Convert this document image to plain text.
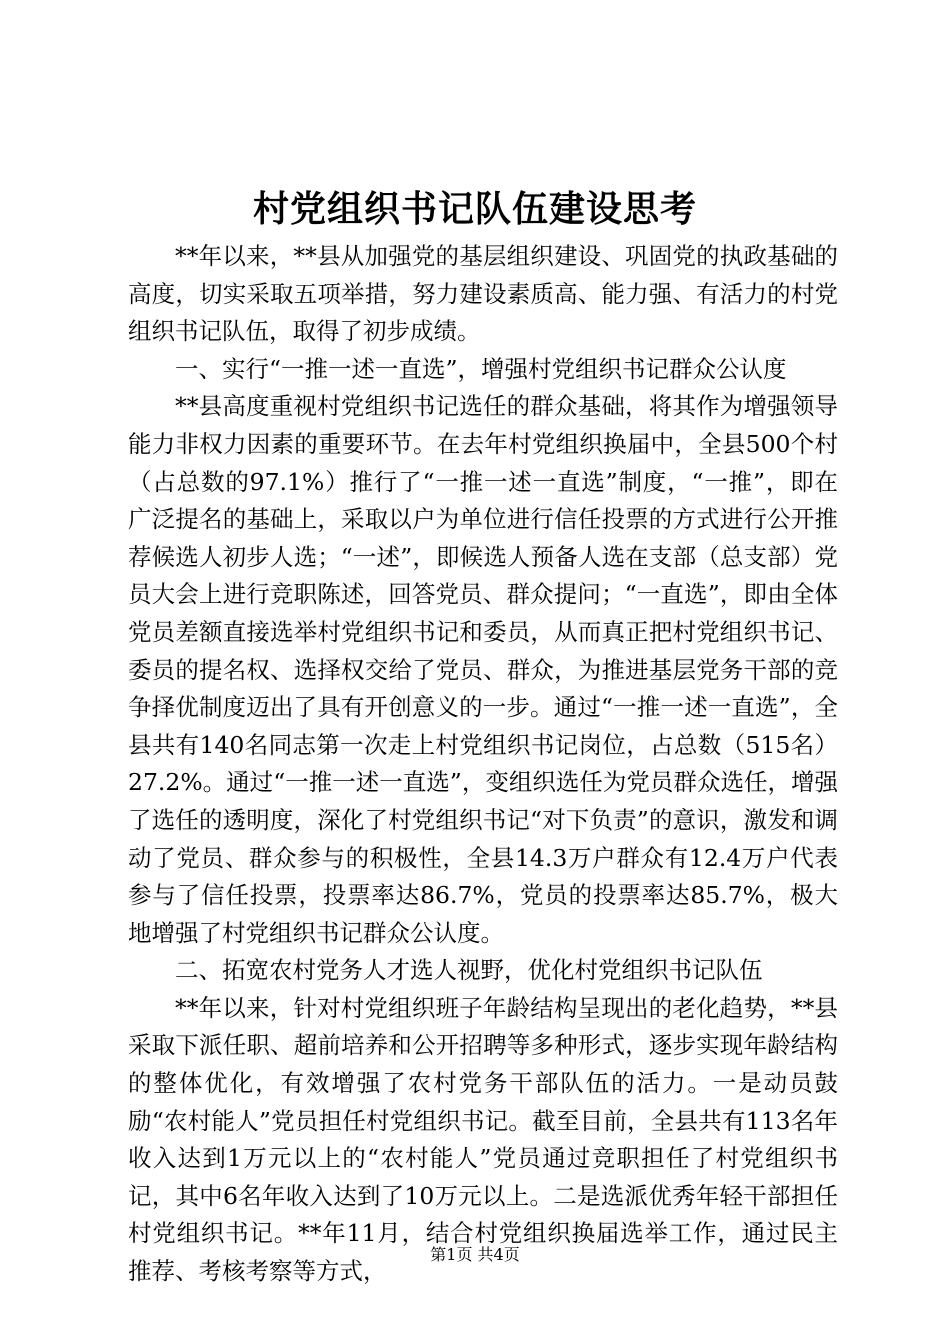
村党组织书记队伍建设思考

**年以来，**县从加强党的基层组织建设、巩固党的执政基础的高度，切实采取五项举措，努力建设素质高、能力强、有活力的村党组织书记队伍，取得了初步成绩。

一、实行“一推一述一直选”，增强村党组织书记群众公认度

**县高度重视村党组织书记选任的群众基础，将其作为增强领导能力非权力因素的重要环节。在去年村党组织换届中，全县500个村（占总数的97.1%）推行了“一推一述一直选”制度，“一推”，即在广泛提名的基础上，采取以户为单位进行信任投票的方式进行公开推荐候选人初步人选；“一述”，即候选人预备人选在支部（总支部）党员大会上进行竞职陈述，回答党员、群众提问；“一直选”，即由全体党员差额直接选举村党组织书记和委员，从而真正把村党组织书记、委员的提名权、选择权交给了党员、群众，为推进基层党务干部的竞争择优制度迈出了具有开创意义的一步。通过“一推一述一直选”，全县共有140名同志第一次走上村党组织书记岗位，占总数（515名）27.2%。通过“一推一述一直选”，变组织选任为党员群众选任，增强了选任的透明度，深化了村党组织书记“对下负责”的意识，激发和调动了党员、群众参与的积极性，全县14.3万户群众有12.4万户代表参与了信任投票，投票率达86.7%，党员的投票率达85.7%，极大地增强了村党组织书记群众公认度。

二、拓宽农村党务人才选人视野，优化村党组织书记队伍

**年以来，针对村党组织班子年龄结构呈现出的老化趋势，**县采取下派任职、超前培养和公开招聘等多种形式，逐步实现年龄结构的整体优化，有效增强了农村党务干部队伍的活力。一是动员鼓励“农村能人”党员担任村党组织书记。截至目前，全县共有113名年收入达到1万元以上的“农村能人”党员通过竞职担任了村党组织书记，其中6名年收入达到了10万元以上。二是选派优秀年轻干部担任村党组织书记。**年11月，结合村党组织换届选举工作，通过民主推荐、考核考察等方式，

第1页 共4页
